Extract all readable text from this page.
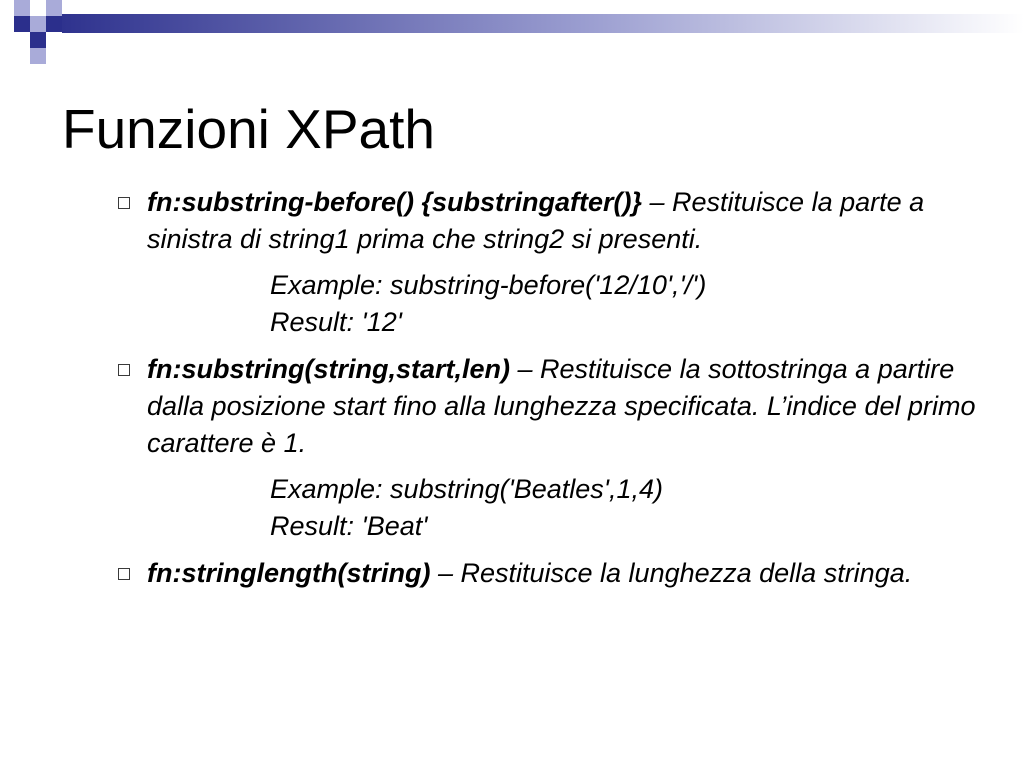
Funzioni XPath
fn:substring-before() {substringafter()} – Restituisce la parte a sinistra di string1 prima che string2 si presenti.
Example: substring-before('12/10','/')
Result: '12'
fn:substring(string,start,len) – Restituisce la sottostringa a partire dalla posizione start fino alla lunghezza specificata. L’indice del primo carattere è 1.
Example: substring('Beatles',1,4)
Result: 'Beat'
fn:stringlength(string) – Restituisce la lunghezza della stringa.
